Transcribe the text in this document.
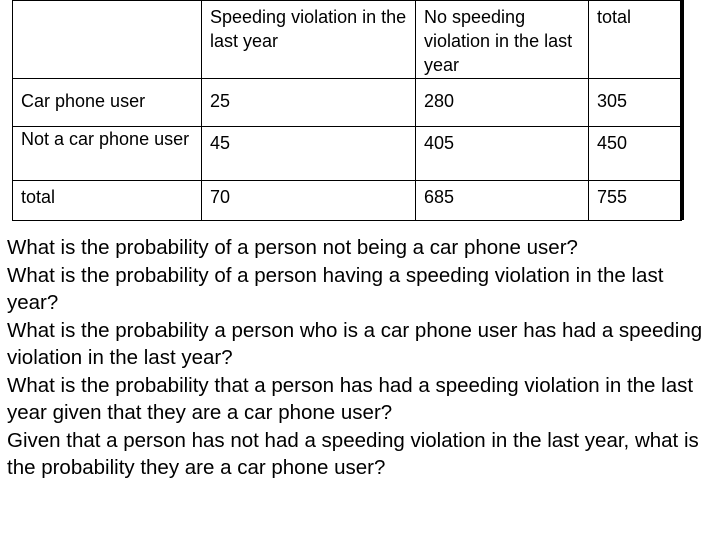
	Speeding violation in the last year	No speeding violation in the last year	total
Car phone user	25	280	305
Not a car phone user	45	405	450
total	70	685	755
What is the probability of a person not being a car phone user?
What is the probability of a person having a speeding violation in the last year?
What is the probability a person who is a car phone user has had a speeding violation in the last year?
What is the probability that a person has had a speeding violation in the last year given that they are a car phone user?
Given that a person has not had a speeding violation in the last year, what is the probability they are a car phone user?
